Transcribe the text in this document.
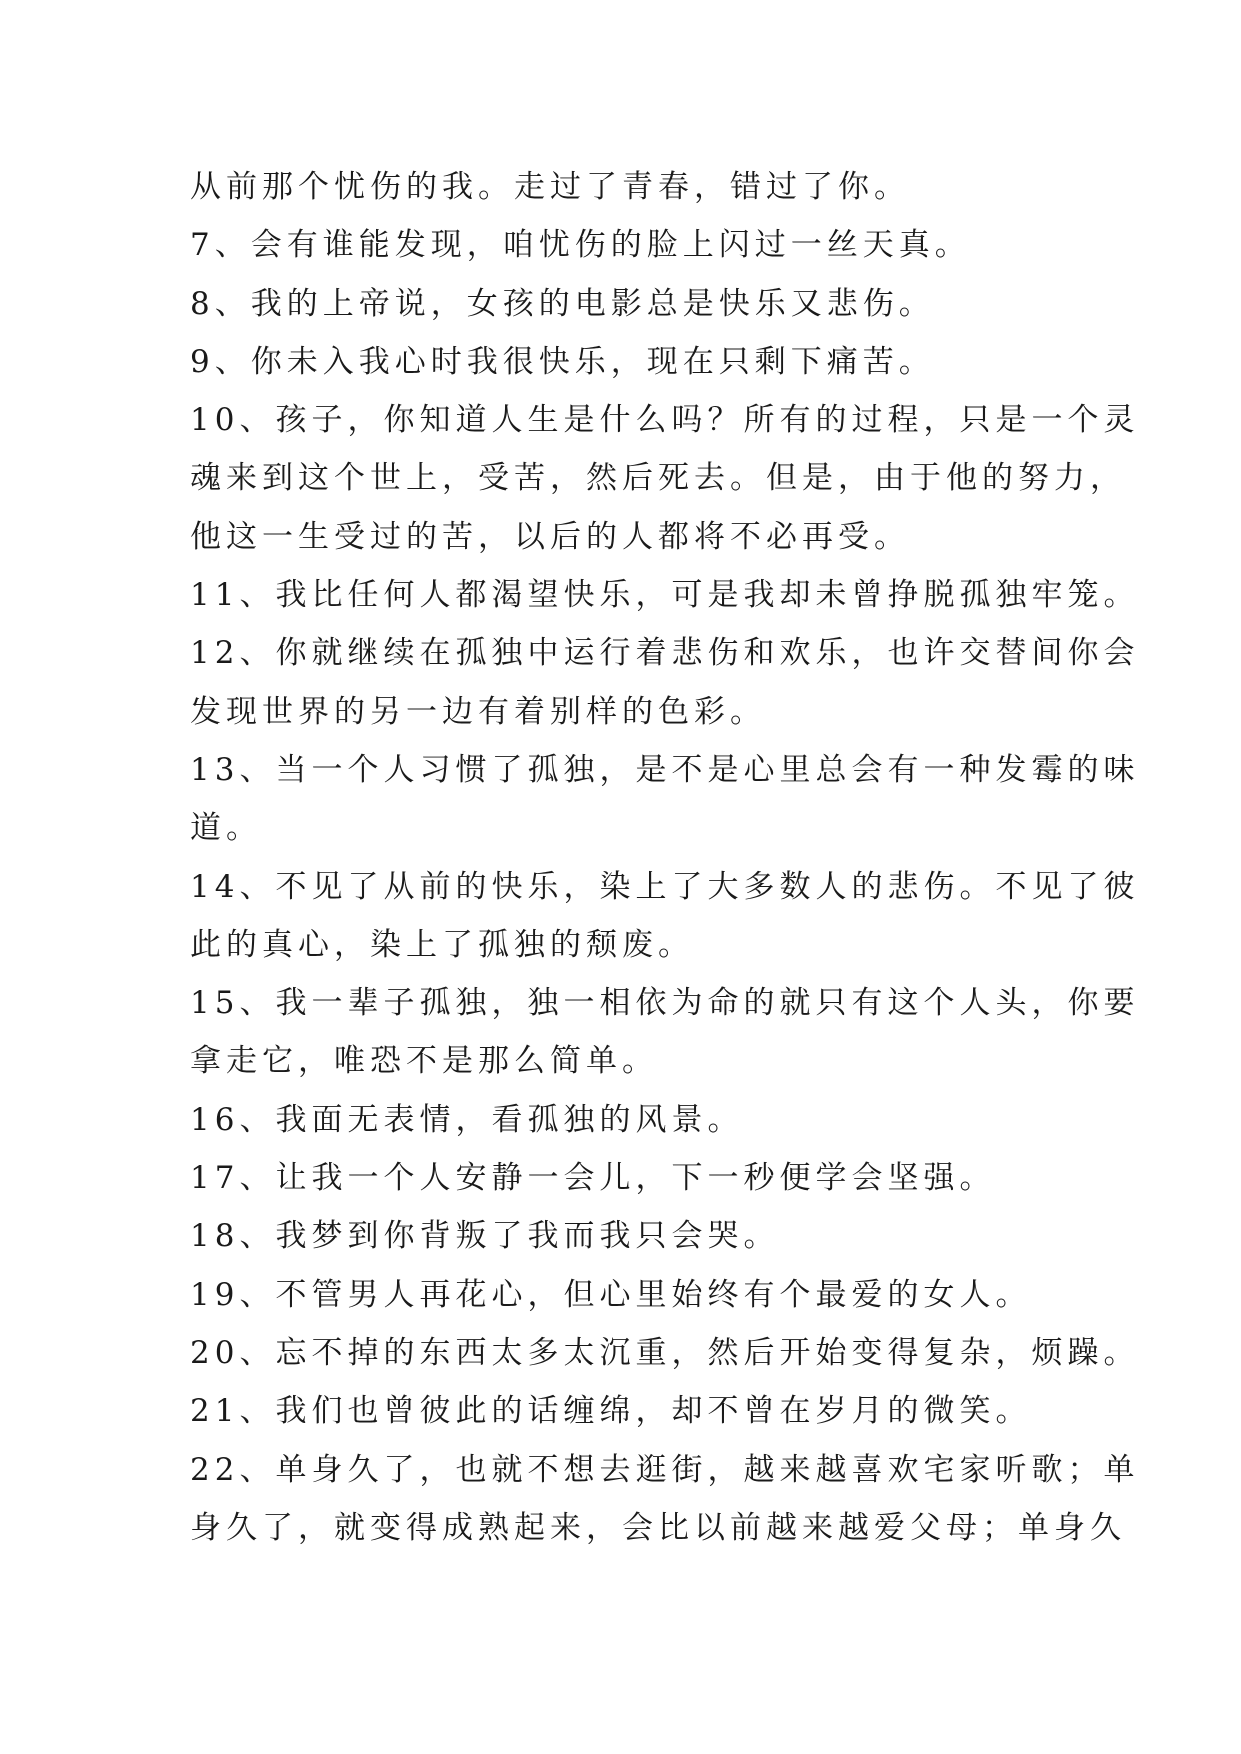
从前那个忧伤的我。走过了青春，错过了你。
7、会有谁能发现，咱忧伤的脸上闪过一丝天真。
8、我的上帝说，女孩的电影总是快乐又悲伤。
9、你未入我心时我很快乐，现在只剩下痛苦。
10、孩子，你知道人生是什么吗？所有的过程，只是一个灵
魂来到这个世上，受苦，然后死去。但是，由于他的努力，
他这一生受过的苦，以后的人都将不必再受。
11、我比任何人都渴望快乐，可是我却未曾挣脱孤独牢笼。
12、你就继续在孤独中运行着悲伤和欢乐，也许交替间你会
发现世界的另一边有着别样的色彩。
13、当一个人习惯了孤独，是不是心里总会有一种发霉的味
道。
14、不见了从前的快乐，染上了大多数人的悲伤。不见了彼
此的真心，染上了孤独的颓废。
15、我一辈子孤独，独一相依为命的就只有这个人头，你要
拿走它，唯恐不是那么简单。
16、我面无表情，看孤独的风景。
17、让我一个人安静一会儿，下一秒便学会坚强。
18、我梦到你背叛了我而我只会哭。
19、不管男人再花心，但心里始终有个最爱的女人。
20、忘不掉的东西太多太沉重，然后开始变得复杂，烦躁。
21、我们也曾彼此的话缠绵，却不曾在岁月的微笑。
22、单身久了，也就不想去逛街，越来越喜欢宅家听歌；单
身久了，就变得成熟起来，会比以前越来越爱父母；单身久
